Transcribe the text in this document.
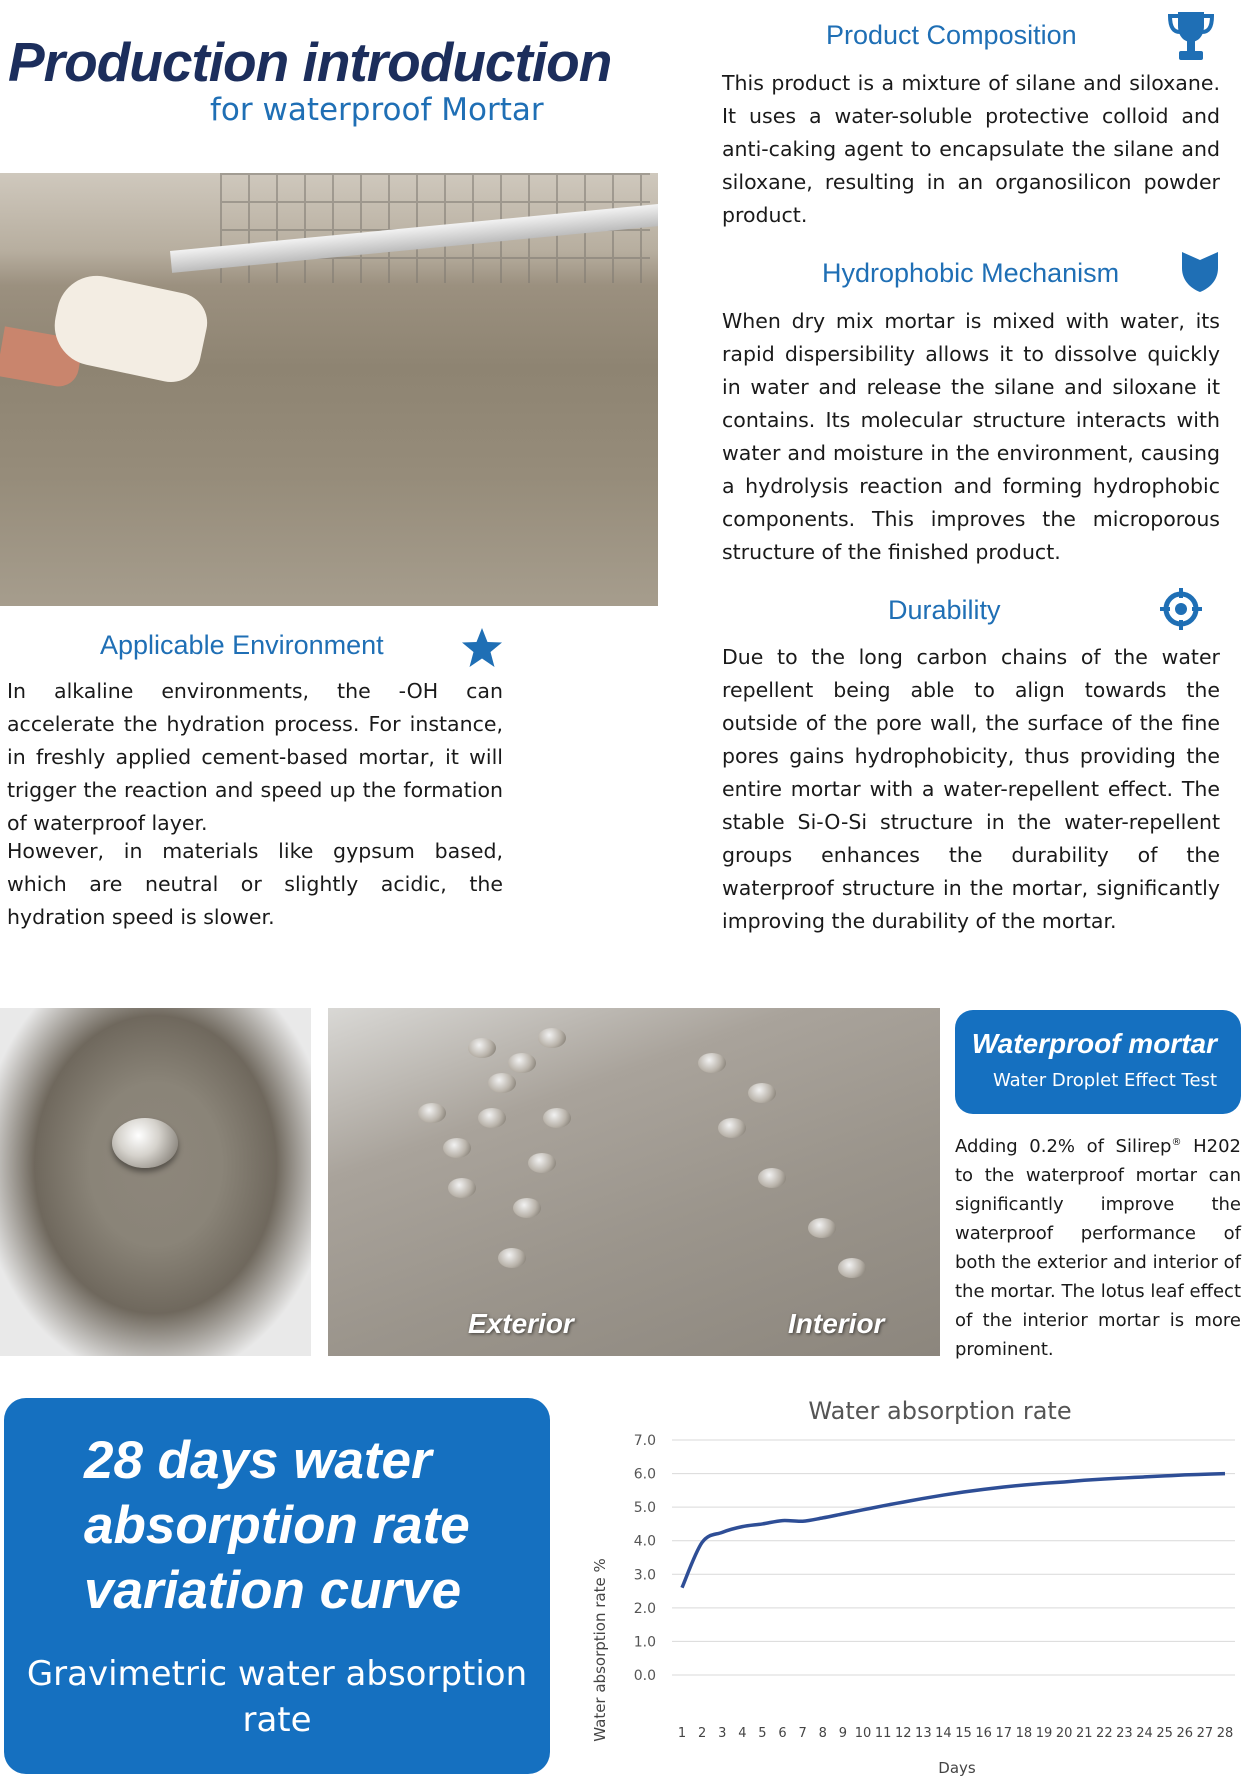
Production introduction
for waterproof Mortar
Product Composition
This product is a mixture of silane and siloxane. It uses a water-soluble protective colloid and anti-caking agent to encapsulate the silane and siloxane, resulting in an organosilicon powder product.
Hydrophobic Mechanism
When dry mix mortar is mixed with water, its rapid dispersibility allows it to dissolve quickly in water and release the silane and siloxane it contains. Its molecular structure interacts with water and moisture in the environment, causing a hydrolysis reaction and forming hydrophobic components. This improves the microporous structure of the finished product.
Durability
Due to the long carbon chains of the water repellent being able to align towards the outside of the pore wall, the surface of the fine pores gains hydrophobicity, thus providing the entire mortar with a water-repellent effect. The stable Si-O-Si structure in the water-repellent groups enhances the durability of the waterproof structure in the mortar, significantly improving the durability of the mortar.
Applicable Environment
In alkaline environments, the -OH can accelerate the hydration process. For instance, in freshly applied cement-based mortar, it will trigger the reaction and speed up the formation of waterproof layer.
However, in materials like gypsum based, which are neutral or slightly acidic, the hydration speed is slower.
Exterior	Interior
Waterproof mortar
Water Droplet Effect Test
Adding 0.2% of Silirep® H202 to the waterproof mortar can significantly improve the waterproof performance of both the exterior and interior of the mortar. The lotus leaf effect of the interior mortar is more prominent.
28 days water absorption rate variation curve
Gravimetric water absorption rate
Water absorption rate
0.0
1.0
2.0
3.0
4.0
5.0
6.0
7.0
1 2 3 4 5 6 7 8 9 10 11 12 13 14 15 16 17 18 19 20 21 22 23 24 25 26 27 28
Water absorption rate %
Days
